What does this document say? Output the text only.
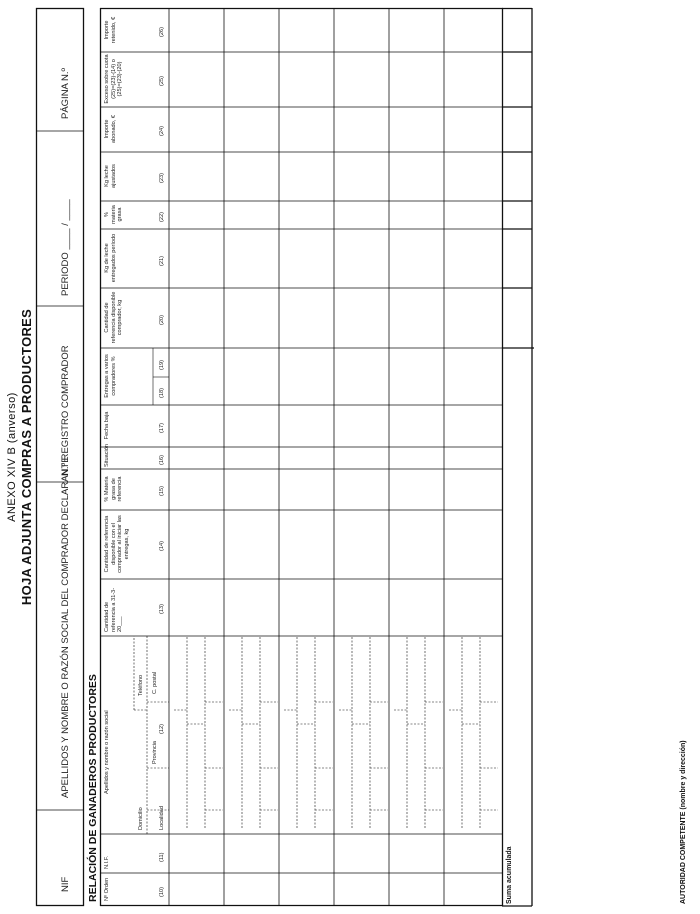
ANEXO XIV B (anverso) HOJA ADJUNTA COMPRAS A PRODUCTORES
NIF
APELLIDOS Y NOMBRE O RAZÓN SOCIAL DEL COMPRADOR DECLARANTE
N.º REGISTRO COMPRADOR
PERIODO ____ / ____
PÁGINA N.º
RELACIÓN DE GANADEROS PRODUCTORES Nº Orden
N.I.F.
Apellidos y nombre o razón social
Domicilio
Teléfono
Localidad
Provincia
C. postal
Cantidad de referencia a 31-3-20___
Cantidad de referencia disponible con el comprador al iniciar las entregas, kg
% Materia grasa de referencia
Situación
Fecha baja
Entregas a varios compradores %
Cantidad de referencia disponible comprador, kg
Kg de leche entregados período
% materia grasa
Kg leche ajustados
Importe abonado, €
Exceso sobre cuota (25)=(23)-(14) o (25)=(23)-(20)
Importe retenido, €
(10)
(11)
(12)
(13)
(14)
(15)
(16)
(17)
(18)
(19)
(20)
(21)
(22)
(23)
(24)
(25)
(26)
Suma acumulada	AUTORIDAD COMPETENTE (nombre y dirección)
